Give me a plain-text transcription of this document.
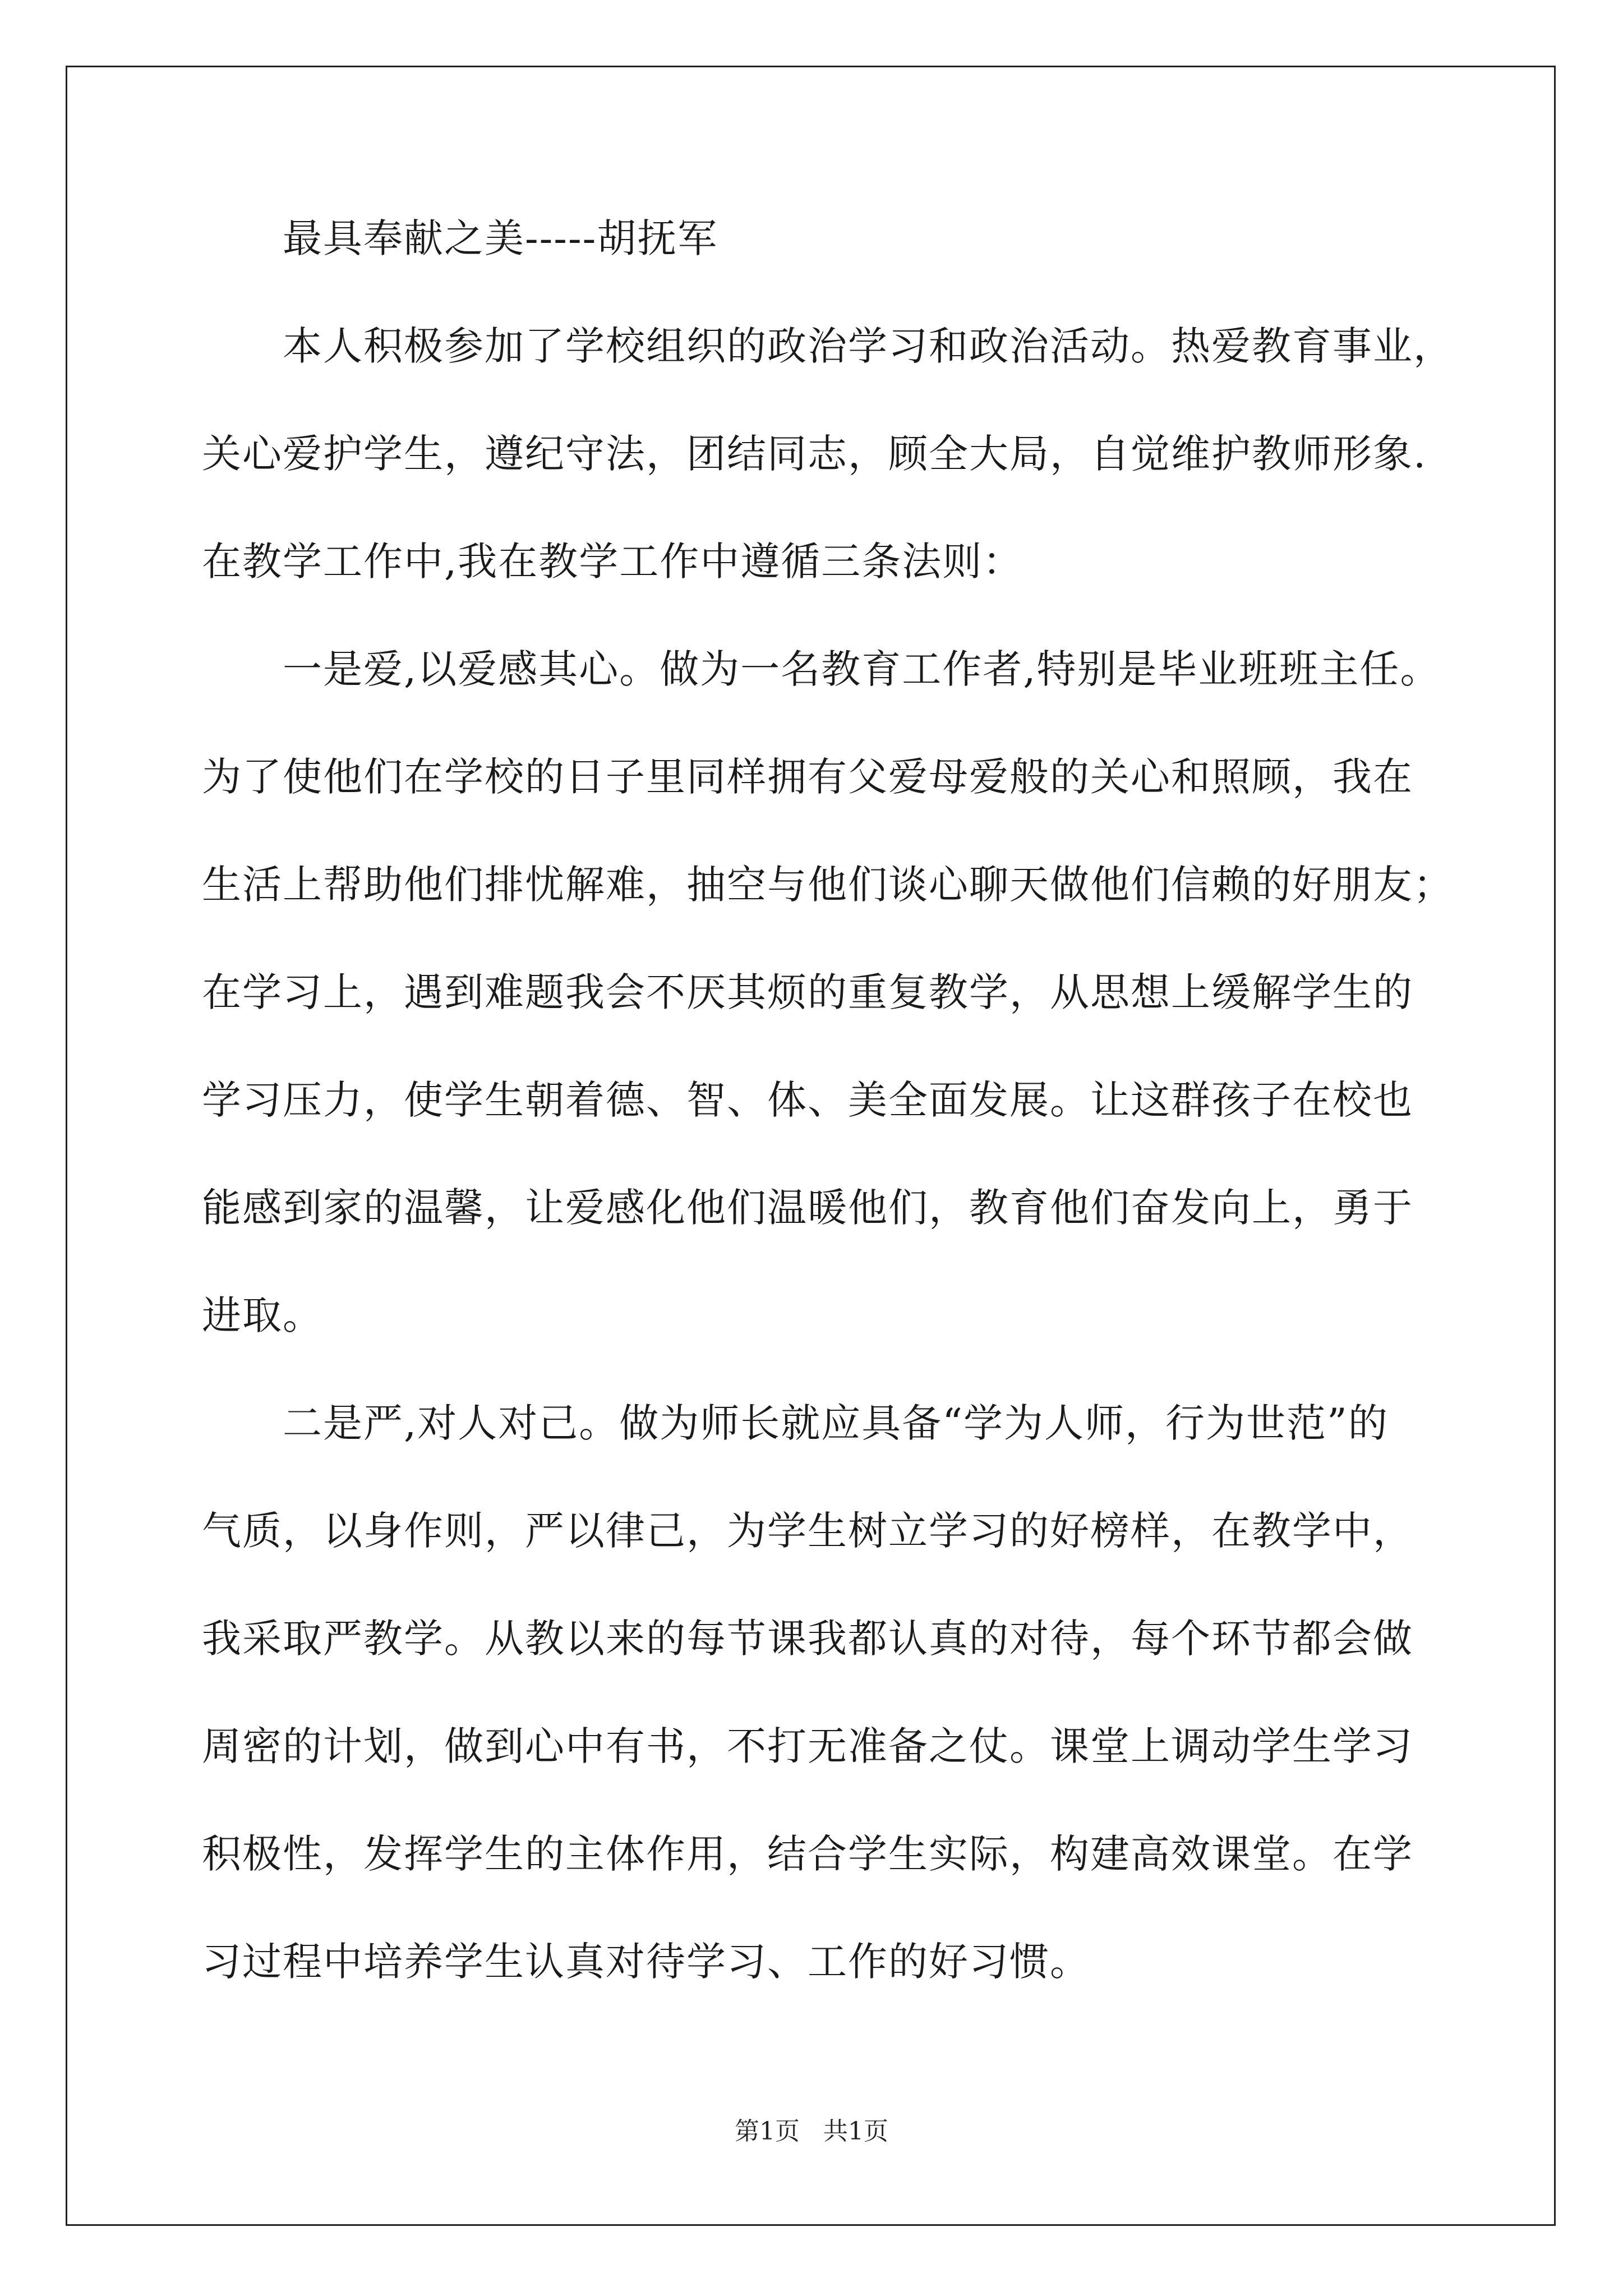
最具奉献之美-----胡抚军
本人积极参加了学校组织的政治学习和政治活动。热爱教育事业，
关心爱护学生，遵纪守法，团结同志，顾全大局，自觉维护教师形象.
在教学工作中,我在教学工作中遵循三条法则：
一是爱,以爱感其心。做为一名教育工作者,特别是毕业班班主任。
为了使他们在学校的日子里同样拥有父爱母爱般的关心和照顾，我在
生活上帮助他们排忧解难，抽空与他们谈心聊天做他们信赖的好朋友；
在学习上，遇到难题我会不厌其烦的重复教学，从思想上缓解学生的
学习压力，使学生朝着德、智、体、美全面发展。让这群孩子在校也
能感到家的温馨，让爱感化他们温暖他们，教育他们奋发向上，勇于
进取。
二是严,对人对己。做为师长就应具备“学为人师，行为世范”的
气质，以身作则，严以律己，为学生树立学习的好榜样，在教学中，
我采取严教学。从教以来的每节课我都认真的对待，每个环节都会做
周密的计划，做到心中有书，不打无准备之仗。课堂上调动学生学习
积极性，发挥学生的主体作用，结合学生实际，构建高效课堂。在学
习过程中培养学生认真对待学习、工作的好习惯。
第1页   共1页
